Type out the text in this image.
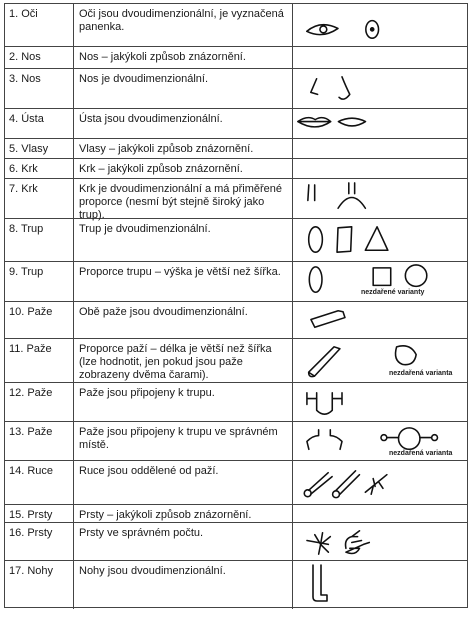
1. Oči	Oči jsou dvoudimenzionální, je vyznačená panenka.
2. Nos	Nos – jakýkoli způsob znázornění.
3. Nos	Nos je dvoudimenzionální.
4. Ústa	Ústa jsou dvoudimenzionální.
5. Vlasy	Vlasy – jakýkoli způsob znázornění.
6. Krk	Krk – jakýkoli způsob znázornění.
7. Krk	Krk je dvoudimenzionální a má přiměřené proporce (nesmí být stejně široký jako trup).
8. Trup	Trup je dvoudimenzionální.
9. Trup	Proporce trupu – výška je větší než šířka.
nezdařené varianty
10. Paže	Obě paže jsou dvoudimenzionální.
11. Paže	Proporce paží – délka je větší než šířka (lze hodnotit, jen pokud jsou paže zobrazeny dvěma čarami).	nezdařená varianta
12. Paže	Paže jsou připojeny k trupu.
13. Paže	Paže jsou připojeny k trupu ve správném místě.
nezdařená varianta
14. Ruce	Ruce jsou oddělené od paží.
15. Prsty	Prsty – jakýkoli způsob znázornění.
16. Prsty	Prsty ve správném počtu.
17. Nohy	Nohy jsou dvoudimenzionální.
